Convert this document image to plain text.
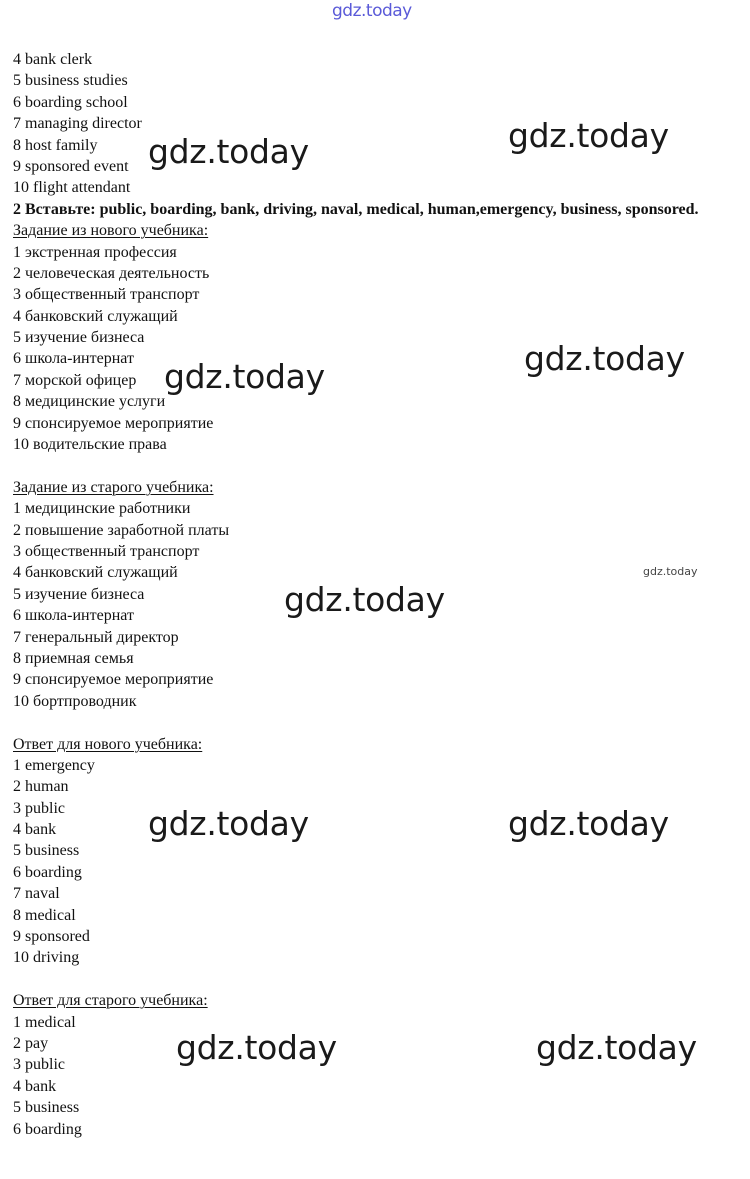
gdz.today
4 bank clerk
5 business studies
6 boarding school
7 managing director
8 host family
9 sponsored event
10 flight attendant
2 Вставьте: public, boarding, bank, driving, naval, medical, human,emergency, business, sponsored.
Задание из нового учебника:
1 экстренная профессия
2 человеческая деятельность
3 общественный транспорт
4 банковский служащий
5 изучение бизнеса
6 школа-интернат
7 морской офицер
8 медицинские услуги
9 спонсируемое мероприятие
10 водительские права
Задание из старого учебника:
1 медицинские работники
2 повышение заработной платы
3 общественный транспорт
4 банковский служащий
5 изучение бизнеса
6 школа-интернат
7 генеральный директор
8 приемная семья
9 спонсируемое мероприятие
10 бортпроводник
Ответ для нового учебника:
1 emergency
2 human
3 public
4 bank
5 business
6 boarding
7 naval
8 medical
9 sponsored
10 driving
Ответ для старого учебника:
1 medical
2 pay
3 public
4 bank
5 business
6 boarding
gdz.today	gdz.today
gdz.today
gdz.today
gdz.today
gdz.today
gdz.today	gdz.today
gdz.today	gdz.today
